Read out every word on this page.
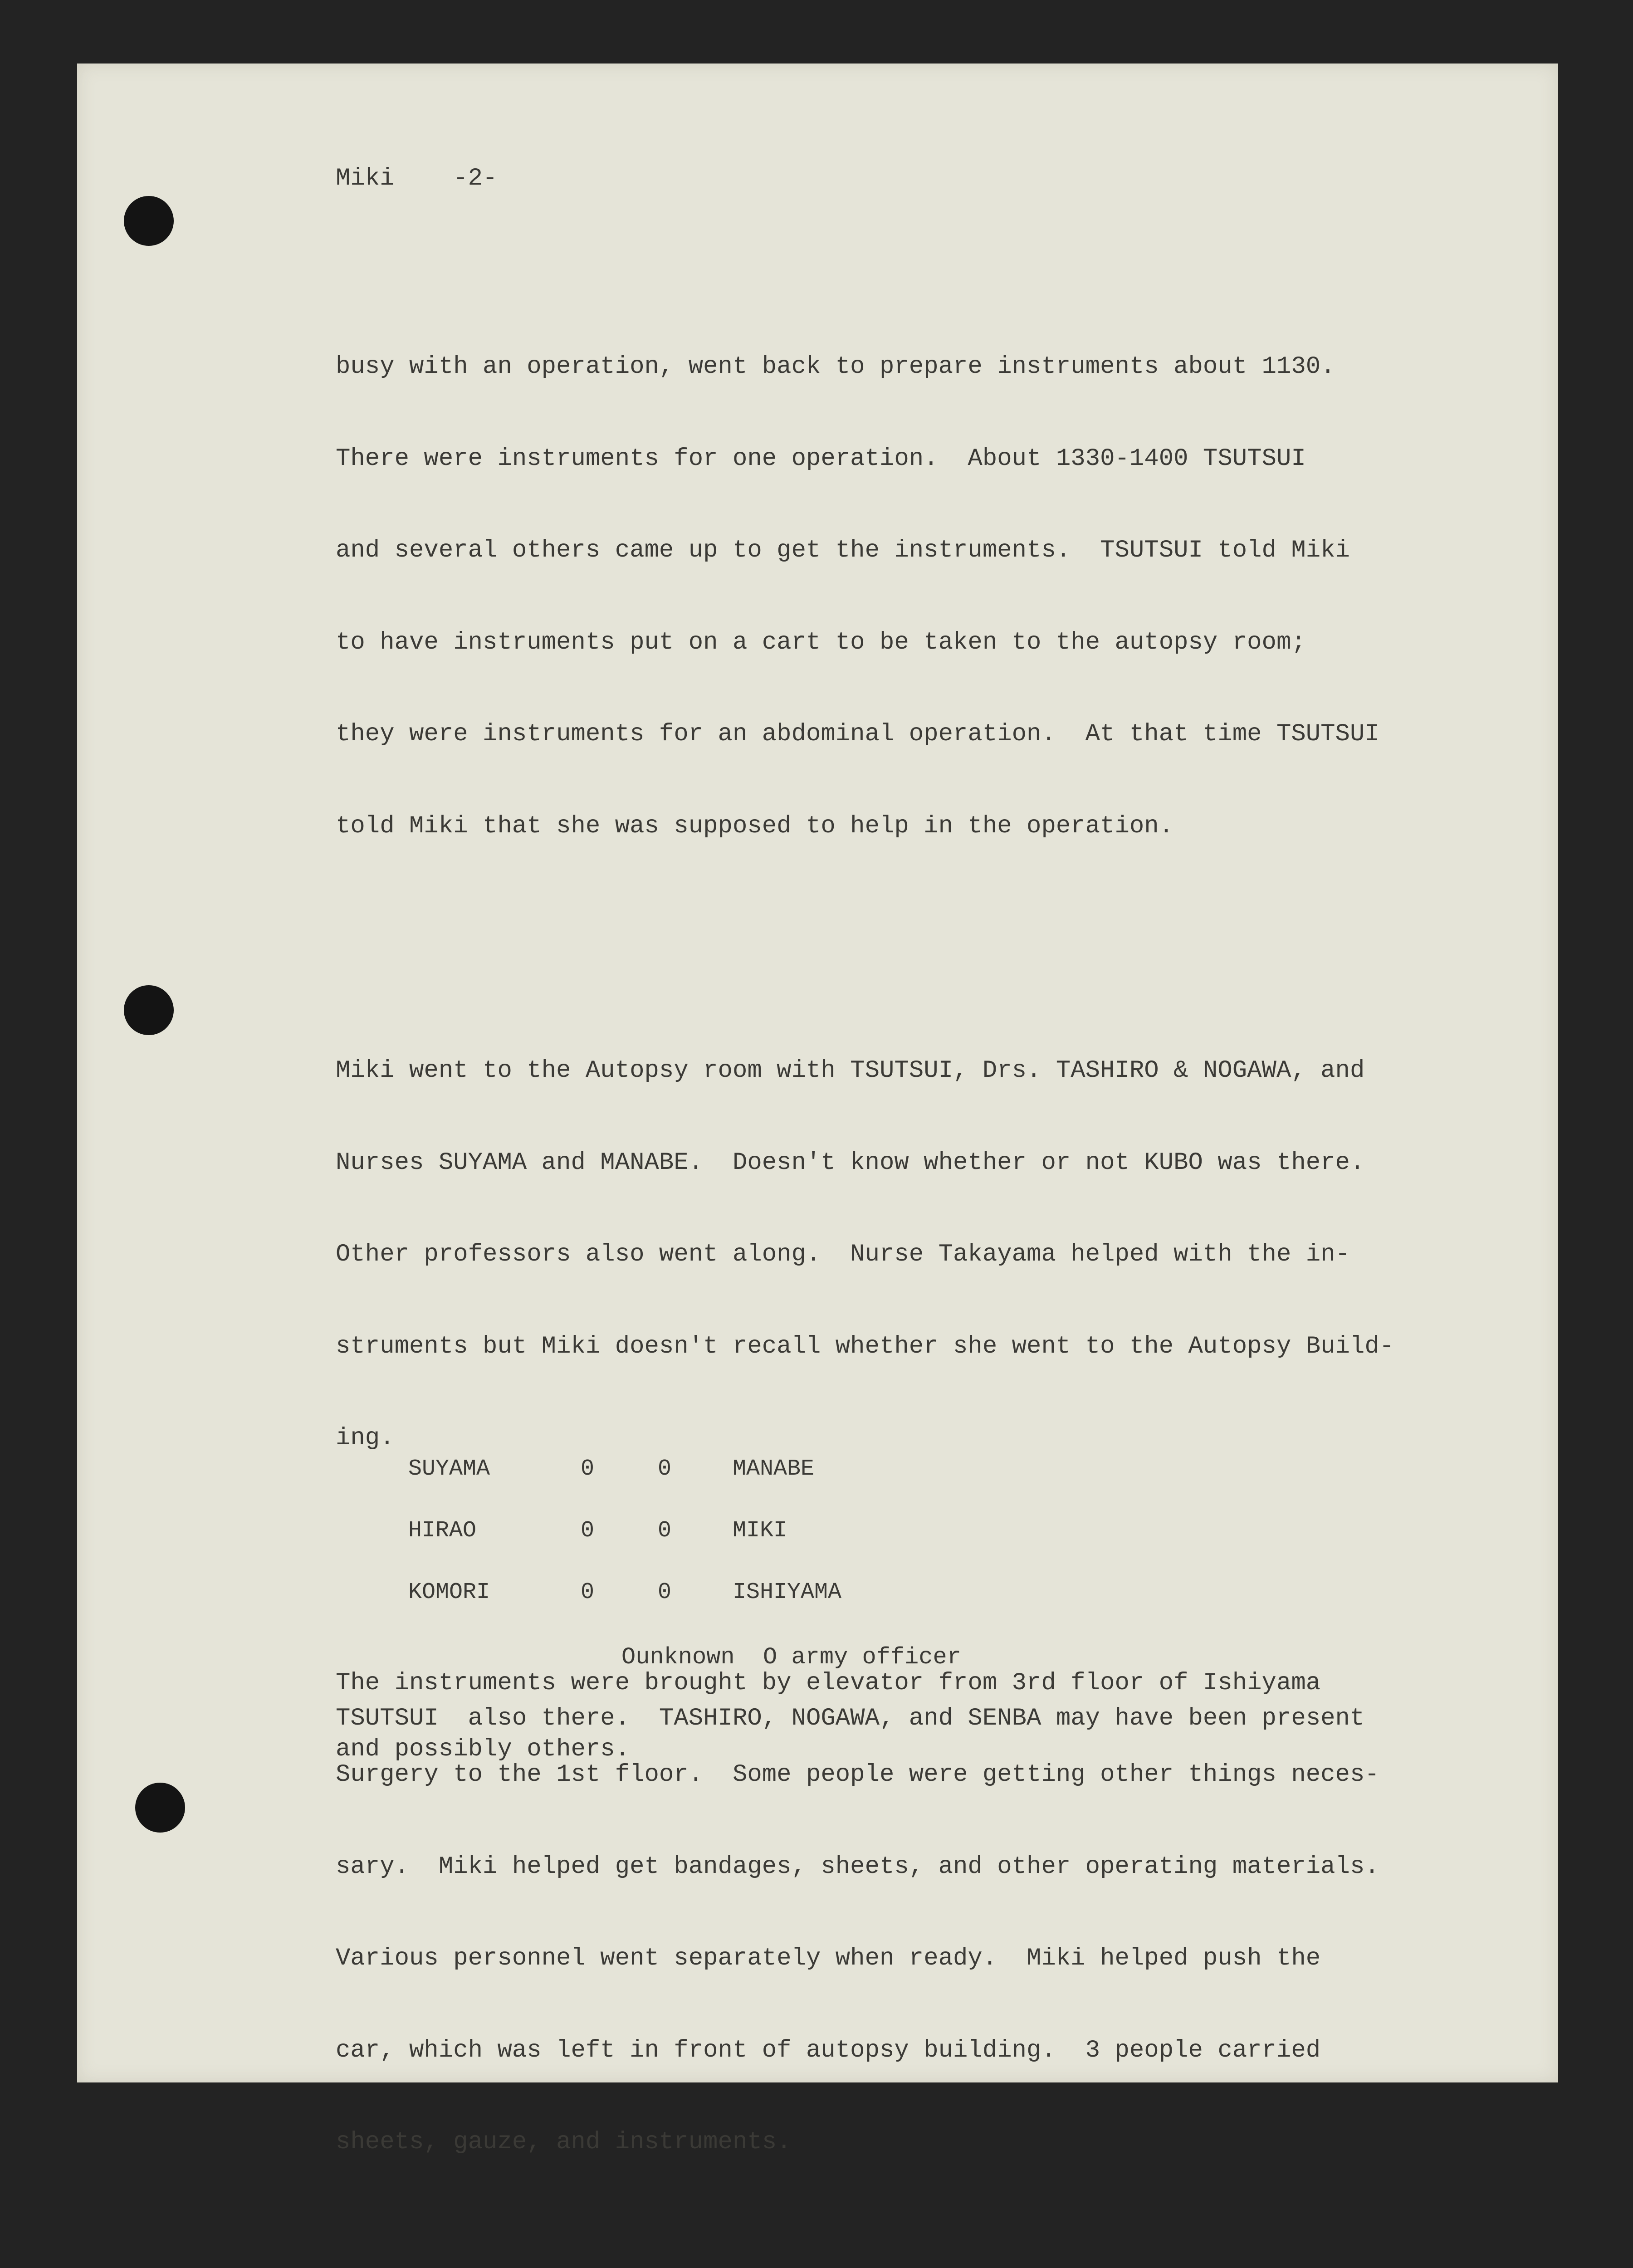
Miki -2-

busy with an operation, went back to prepare instruments about 1130.

There were instruments for one operation.  About 1330-1400 TSUTSUI

and several others came up to get the instruments.  TSUTSUI told Miki

to have instruments put on a cart to be taken to the autopsy room;

they were instruments for an abdominal operation.  At that time TSUTSUI

told Miki that she was supposed to help in the operation.

Miki went to the Autopsy room with TSUTSUI, Drs. TASHIRO & NOGAWA, and

Nurses SUYAMA and MANABE.  Doesn't know whether or not KUBO was there.

Other professors also went along.  Nurse Takayama helped with the in-

struments but Miki doesn't recall whether she went to the Autopsy Build-

ing.

The instruments were brought by elevator from 3rd floor of Ishiyama

Surgery to the 1st floor.  Some people were getting other things neces-

sary.  Miki helped get bandages, sheets, and other operating materials.

Various personnel went separately when ready.  Miki helped push the

car, which was left in front of autopsy building.  3 people carried

sheets, gauze, and instruments.

SUYAMA	0	0	MANABE
HIRAO	0	0	MIKI
KOMORI	0	0	ISHIYAMA
Ounknown  O army officer
TSUTSUI  also there.  TASHIRO, NOGAWA, and SENBA may have been present
and possibly others.
